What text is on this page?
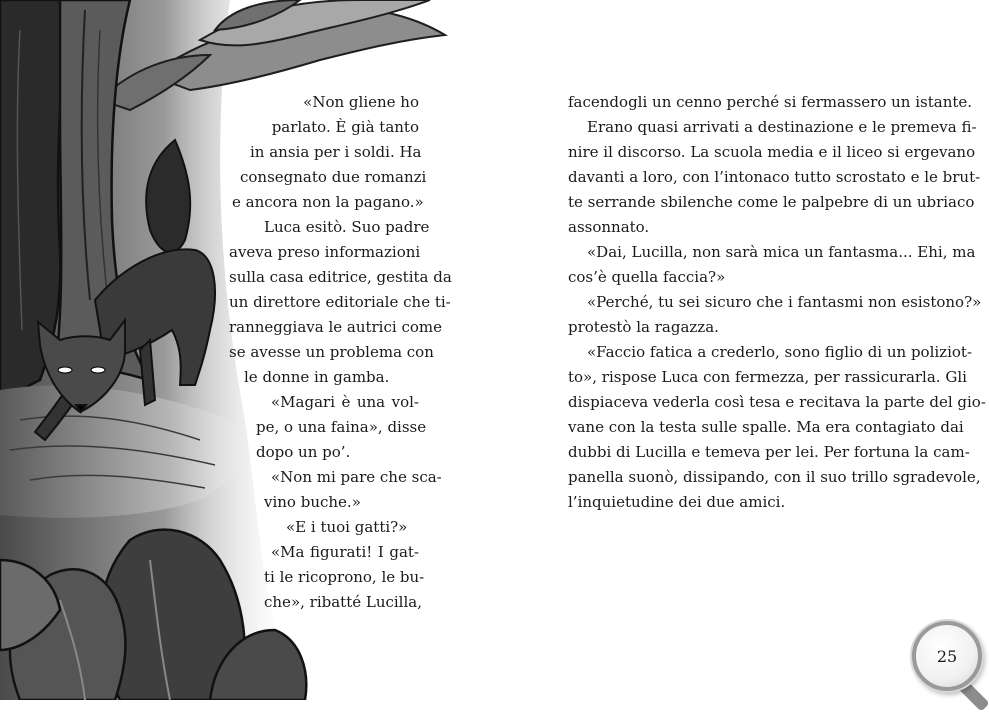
«Non gliene ho
parlato. È già tanto
in ansia per i soldi. Ha
consegnato due romanzi
e ancora non la pagano.»
Luca esitò. Suo padre
aveva preso informazioni
sulla casa editrice, gestita da
un direttore editoriale che ti-
ranneggiava le autrici come
se avesse un problema con
le donne in gamba.
«Magari è una vol-
pe, o una faina», disse
dopo un po’.
«Non mi pare che sca-
vino buche.»
«E i tuoi gatti?»
«Ma figurati! I gat-
ti le ricoprono, le bu-
che», ribatté Lucilla,
facendogli un cenno perché si fermassero un istante.
Erano quasi arrivati a destinazione e le premeva fi-
nire il discorso. La scuola media e il liceo si ergevano
davanti a loro, con l’intonaco tutto scrostato e le brut-
te serrande sbilenche come le palpebre di un ubriaco
assonnato.
«Dai, Lucilla, non sarà mica un fantasma... Ehi, ma
cos’è quella faccia?»
«Perché, tu sei sicuro che i fantasmi non esistono?»
protestò la ragazza.
«Faccio fatica a crederlo, sono figlio di un poliziot-
to», rispose Luca con fermezza, per rassicurarla. Gli
dispiaceva vederla così tesa e recitava la parte del gio-
vane con la testa sulle spalle. Ma era contagiato dai
dubbi di Lucilla e temeva per lei. Per fortuna la cam-
panella suonò, dissipando, con il suo trillo sgradevole,
l’inquietudine dei due amici.
25
